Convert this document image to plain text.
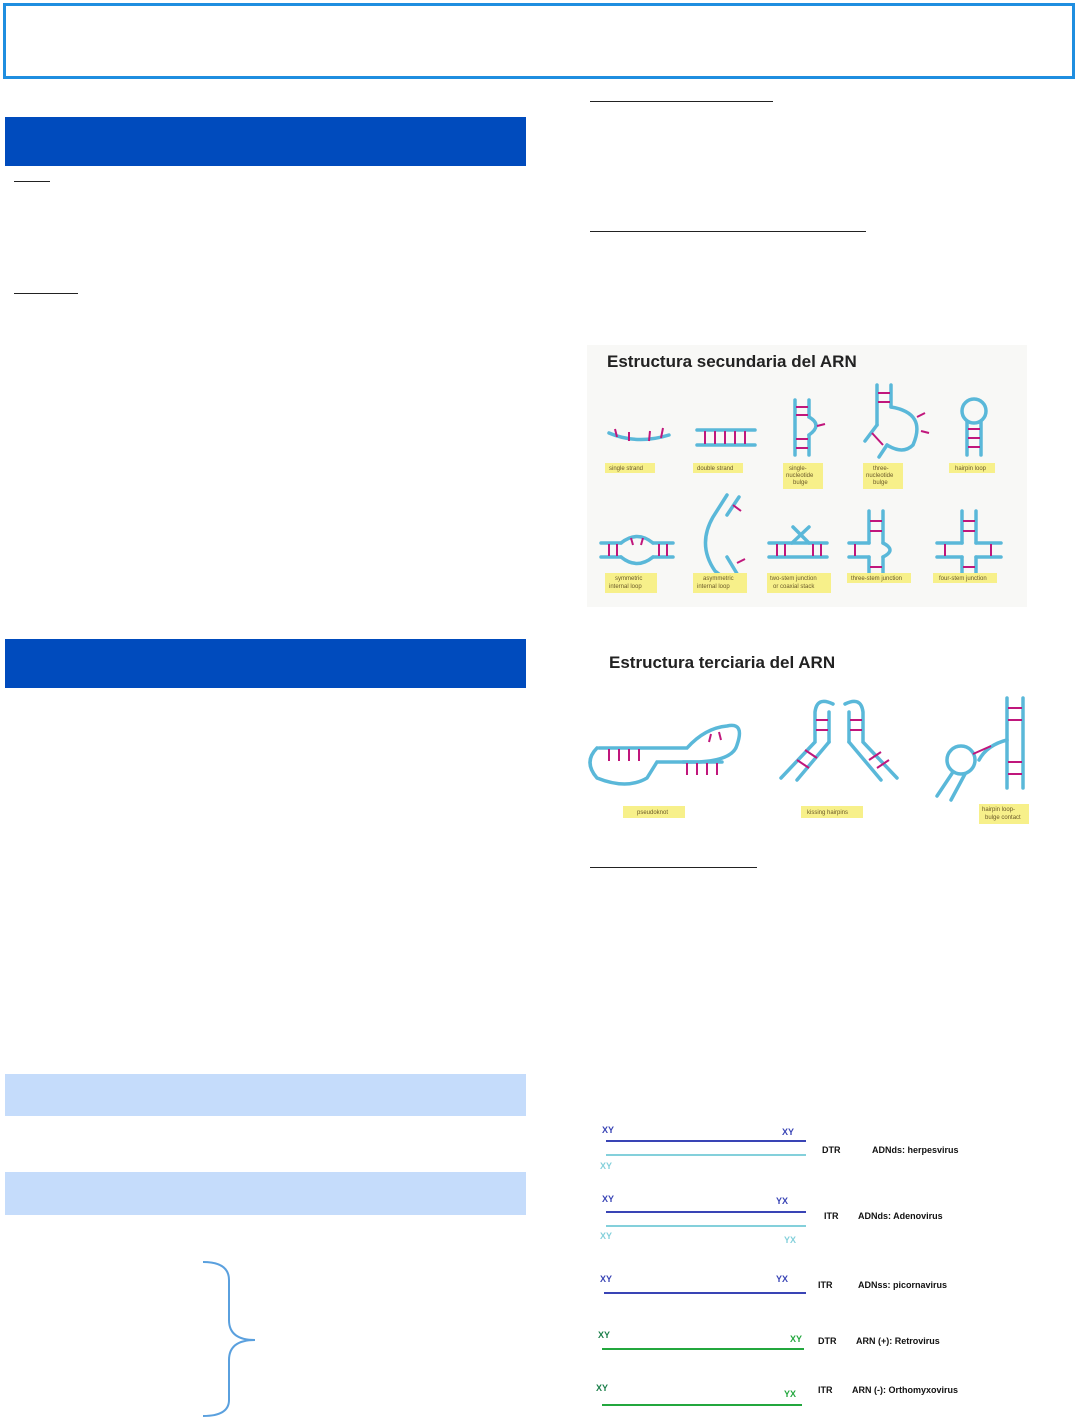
Estructura secundaria del ARN
single strand	double strand	single-
nucleotide
bulge
three-
nucleotide
bulge
hairpin loop
symmetric
internal loop
asymmetric
internal loop
two-stem junction
or coaxial stack
three-stem junction	four-stem junction
Estructura terciaria del ARN
pseudoknot	kissing hairpins	hairpin loop-
bulge contact
XY	XY
XY
DTR	ADNds: herpesvirus
XY	YX
XY	YX
ITR ADNds: Adenovirus
XY	YX
ITR	ADNss: picornavirus
XY	XY DTR ARN (+): Retrovirus
XY
YX ITR ARN (-): Orthomyxovirus
